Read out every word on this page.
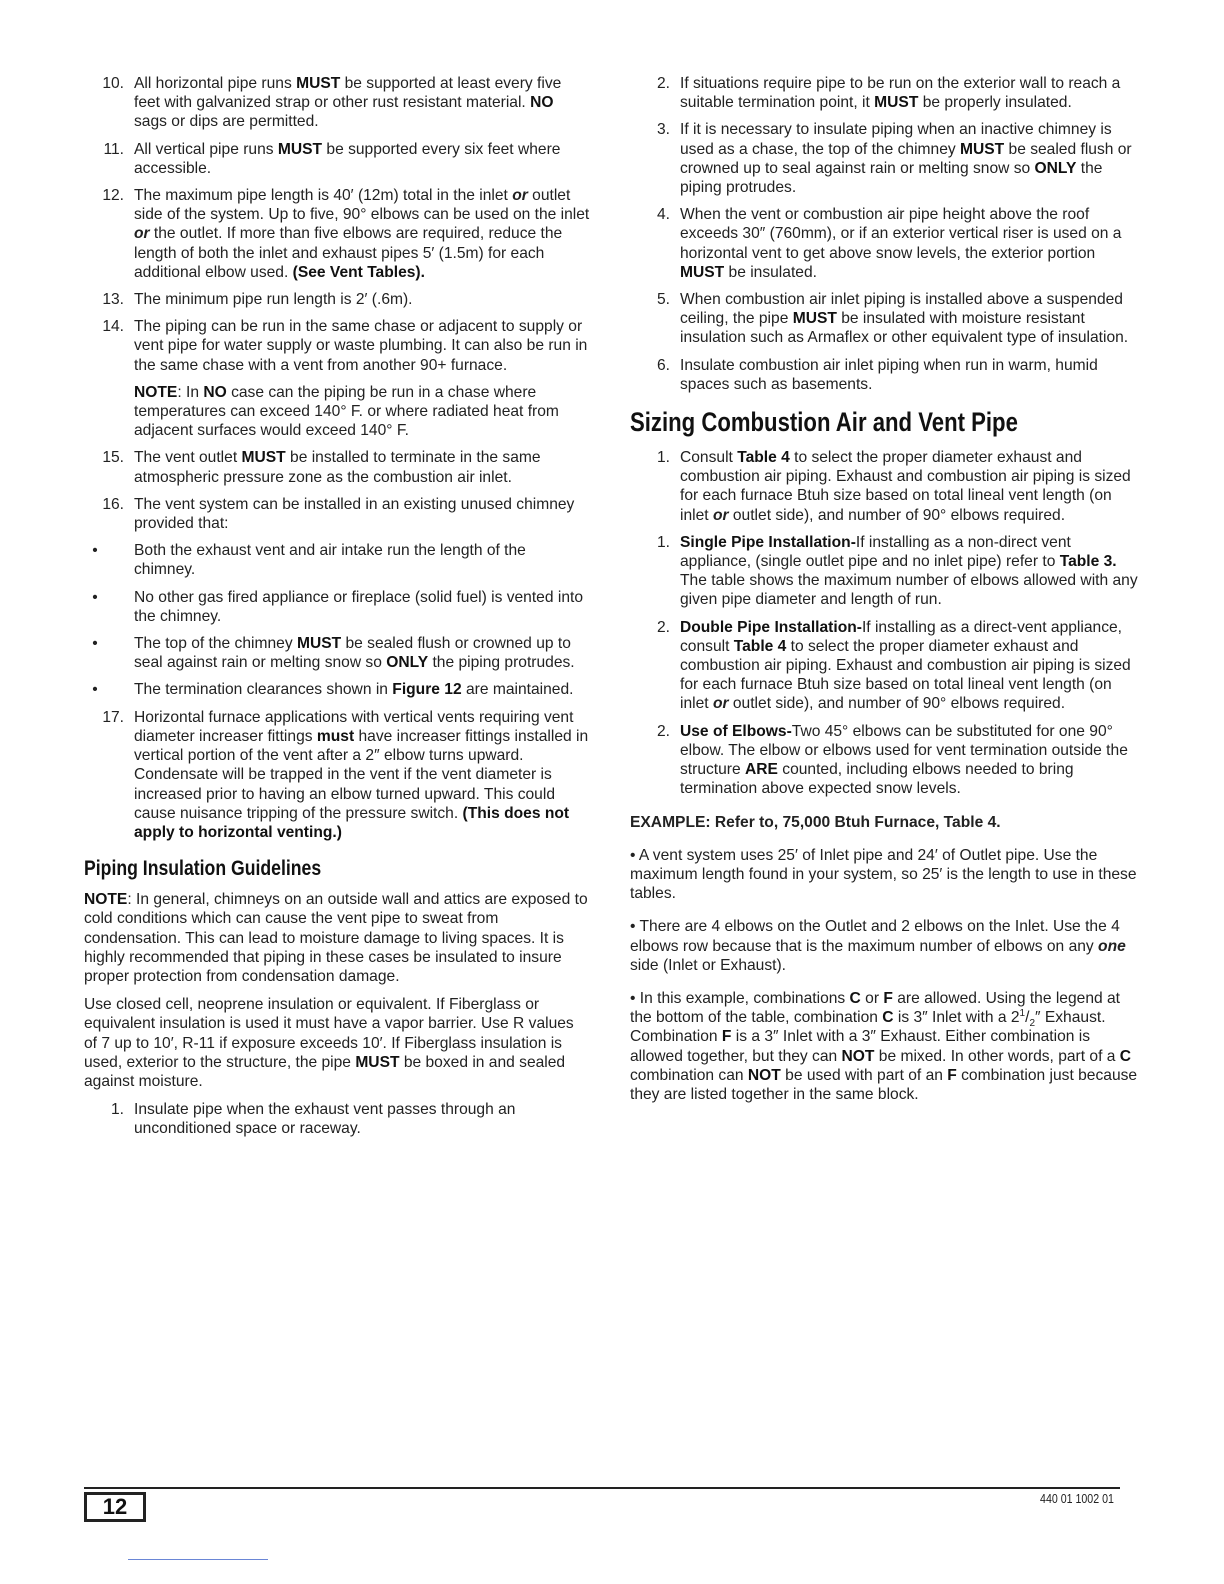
10. All horizontal pipe runs MUST be supported at least every five feet with galvanized strap or other rust resistant material. NO sags or dips are permitted.
11. All vertical pipe runs MUST be supported every six feet where accessible.
12. The maximum pipe length is 40′ (12m) total in the inlet or outlet side of the system. Up to five, 90° elbows can be used on the inlet or the outlet. If more than five elbows are required, reduce the length of both the inlet and exhaust pipes 5′ (1.5m) for each additional elbow used. (See Vent Tables).
13. The minimum pipe run length is 2′ (.6m).
14. The piping can be run in the same chase or adjacent to supply or vent pipe for water supply or waste plumbing. It can also be run in the same chase with a vent from another 90+ furnace.
NOTE: In NO case can the piping be run in a chase where temperatures can exceed 140° F. or where radiated heat from adjacent surfaces would exceed 140° F.
15. The vent outlet MUST be installed to terminate in the same atmospheric pressure zone as the combustion air inlet.
16. The vent system can be installed in an existing unused chimney provided that:
•	Both the exhaust vent and air intake run the length of the chimney.
•	No other gas fired appliance or fireplace (solid fuel) is vented into the chimney.
•	The top of the chimney MUST be sealed flush or crowned up to seal against rain or melting snow so ONLY the piping protrudes.
•	The termination clearances shown in Figure 12 are maintained.
17. Horizontal furnace applications with vertical vents requiring vent diameter increaser fittings must have increaser fittings installed in vertical portion of the vent after a 2″ elbow turns upward. Condensate will be trapped in the vent if the vent diameter is increased prior to having an elbow turned upward. This could cause nuisance tripping of the pressure switch. (This does not apply to horizontal venting.)
Piping Insulation Guidelines
NOTE: In general, chimneys on an outside wall and attics are exposed to cold conditions which can cause the vent pipe to sweat from condensation. This can lead to moisture damage to living spaces. It is highly recommended that piping in these cases be insulated to insure proper protection from condensation damage.
Use closed cell, neoprene insulation or equivalent. If Fiberglass or equivalent insulation is used it must have a vapor barrier. Use R values of 7 up to 10′, R-11 if exposure exceeds 10′. If Fiberglass insulation is used, exterior to the structure, the pipe MUST be boxed in and sealed against moisture.
1. Insulate pipe when the exhaust vent passes through an unconditioned space or raceway.
2. If situations require pipe to be run on the exterior wall to reach a suitable termination point, it MUST be properly insulated.
3. If it is necessary to insulate piping when an inactive chimney is used as a chase, the top of the chimney MUST be sealed flush or crowned up to seal against rain or melting snow so ONLY the piping protrudes.
4. When the vent or combustion air pipe height above the roof exceeds 30″ (760mm), or if an exterior vertical riser is used on a horizontal vent to get above snow levels, the exterior portion MUST be insulated.
5. When combustion air inlet piping is installed above a suspended ceiling, the pipe MUST be insulated with moisture resistant insulation such as Armaflex or other equivalent type of insulation.
6. Insulate combustion air inlet piping when run in warm, humid spaces such as basements.
Sizing Combustion Air and Vent Pipe
1. Consult Table 4 to select the proper diameter exhaust and combustion air piping. Exhaust and combustion air piping is sized for each furnace Btuh size based on total lineal vent length (on inlet or outlet side), and number of 90° elbows required.
1. Single Pipe Installation-If installing as a non-direct vent appliance, (single outlet pipe and no inlet pipe) refer to Table 3. The table shows the maximum number of elbows allowed with any given pipe diameter and length of run.
2. Double Pipe Installation-If installing as a direct-vent appliance, consult Table 4 to select the proper diameter exhaust and combustion air piping. Exhaust and combustion air piping is sized for each furnace Btuh size based on total lineal vent length (on inlet or outlet side), and number of 90° elbows required.
2. Use of Elbows-Two 45° elbows can be substituted for one 90° elbow. The elbow or elbows used for vent termination outside the structure ARE counted, including elbows needed to bring termination above expected snow levels.
EXAMPLE: Refer to, 75,000 Btuh Furnace, Table 4.
• A vent system uses 25′ of Inlet pipe and 24′ of Outlet pipe. Use the maximum length found in your system, so 25′ is the length to use in these tables.
• There are 4 elbows on the Outlet and 2 elbows on the Inlet. Use the 4 elbows row because that is the maximum number of elbows on any one side (Inlet or Exhaust).
• In this example, combinations C or F are allowed. Using the legend at the bottom of the table, combination C is 3″ Inlet with a $2^1/_2''$ Exhaust. Combination F is a 3″ Inlet with a 3″ Exhaust. Either combination is allowed together, but they can NOT be mixed. In other words, part of a C combination can NOT be used with part of an F combination just because they are listed together in the same block.
12	440 01 1002 01
